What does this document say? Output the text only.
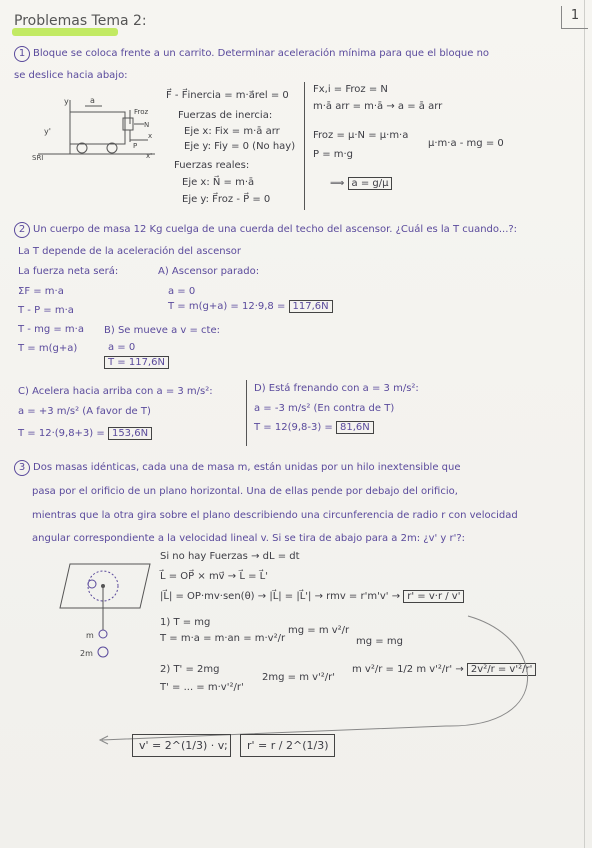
Problemas Tema 2:	1
1 Bloque se coloca frente a un carrito. Determinar aceleración mínima para que el bloque no
se deslice hacia abajo:
a
y
y'
Froz
N
P
x
x'
SRI
F⃗ - F⃗inercia = m·a⃗rel = 0
Fuerzas de inercia:
Eje x: Fix = m·ā arr
Eje y: Fiy = 0 (No hay)
Fuerzas reales:
Eje x: N⃗ = m·ā
Eje y: F⃗roz - P⃗ = 0
Fx,i = Froz = N
m·ā arr = m·ā → a = ā arr
Froz = μ·N = μ·m·a
P = m·g
μ·m·a - mg = 0
⟹ a = g/μ
2 Un cuerpo de masa 12 Kg cuelga de una cuerda del techo del ascensor. ¿Cuál es la T cuando...?:
La T depende de la aceleración del ascensor
La fuerza neta será:
ΣF = m·a
T - P = m·a
T - mg = m·a
T = m(g+a)
A) Ascensor parado:
a = 0
T = m(g+a) = 12·9,8 = 117,6N
B) Se mueve a v = cte:
a = 0
T = 117,6N
C) Acelera hacia arriba con a = 3 m/s²:
a = +3 m/s² (A favor de T)
T = 12·(9,8+3) = 153,6N
D) Está frenando con a = 3 m/s²:
a = -3 m/s² (En contra de T)
T = 12(9,8-3) = 81,6N
3 Dos masas idénticas, cada una de masa m, están unidas por un hilo inextensible que
pasa por el orificio de un plano horizontal. Una de ellas pende por debajo del orificio,
mientras que la otra gira sobre el plano describiendo una circunferencia de radio r con velocidad
angular correspondiente a la velocidad lineal v. Si se tira de abajo para a 2m: ¿v' y r'?:
m
2m
Si no hay Fuerzas → dL = dt
L⃗ = OP⃗ × mv⃗ → L⃗ = L⃗'
|L⃗| = OP·mv·sen(θ) → |L⃗| = |L⃗'| → rmv = r'm'v' → r' = v·r / v'
1) T = mg
T = m·a = m·an = m·v²/r
mg = m v²/r
2) T' = 2mg
T' = ... = m·v'²/r'
2mg = m v'²/r'
mg = mg
m v²/r = 1/2 m v'²/r' → 2v²/r = v'²/r'
v' = 2^(1/3) · v ;	r' = r / 2^(1/3)
